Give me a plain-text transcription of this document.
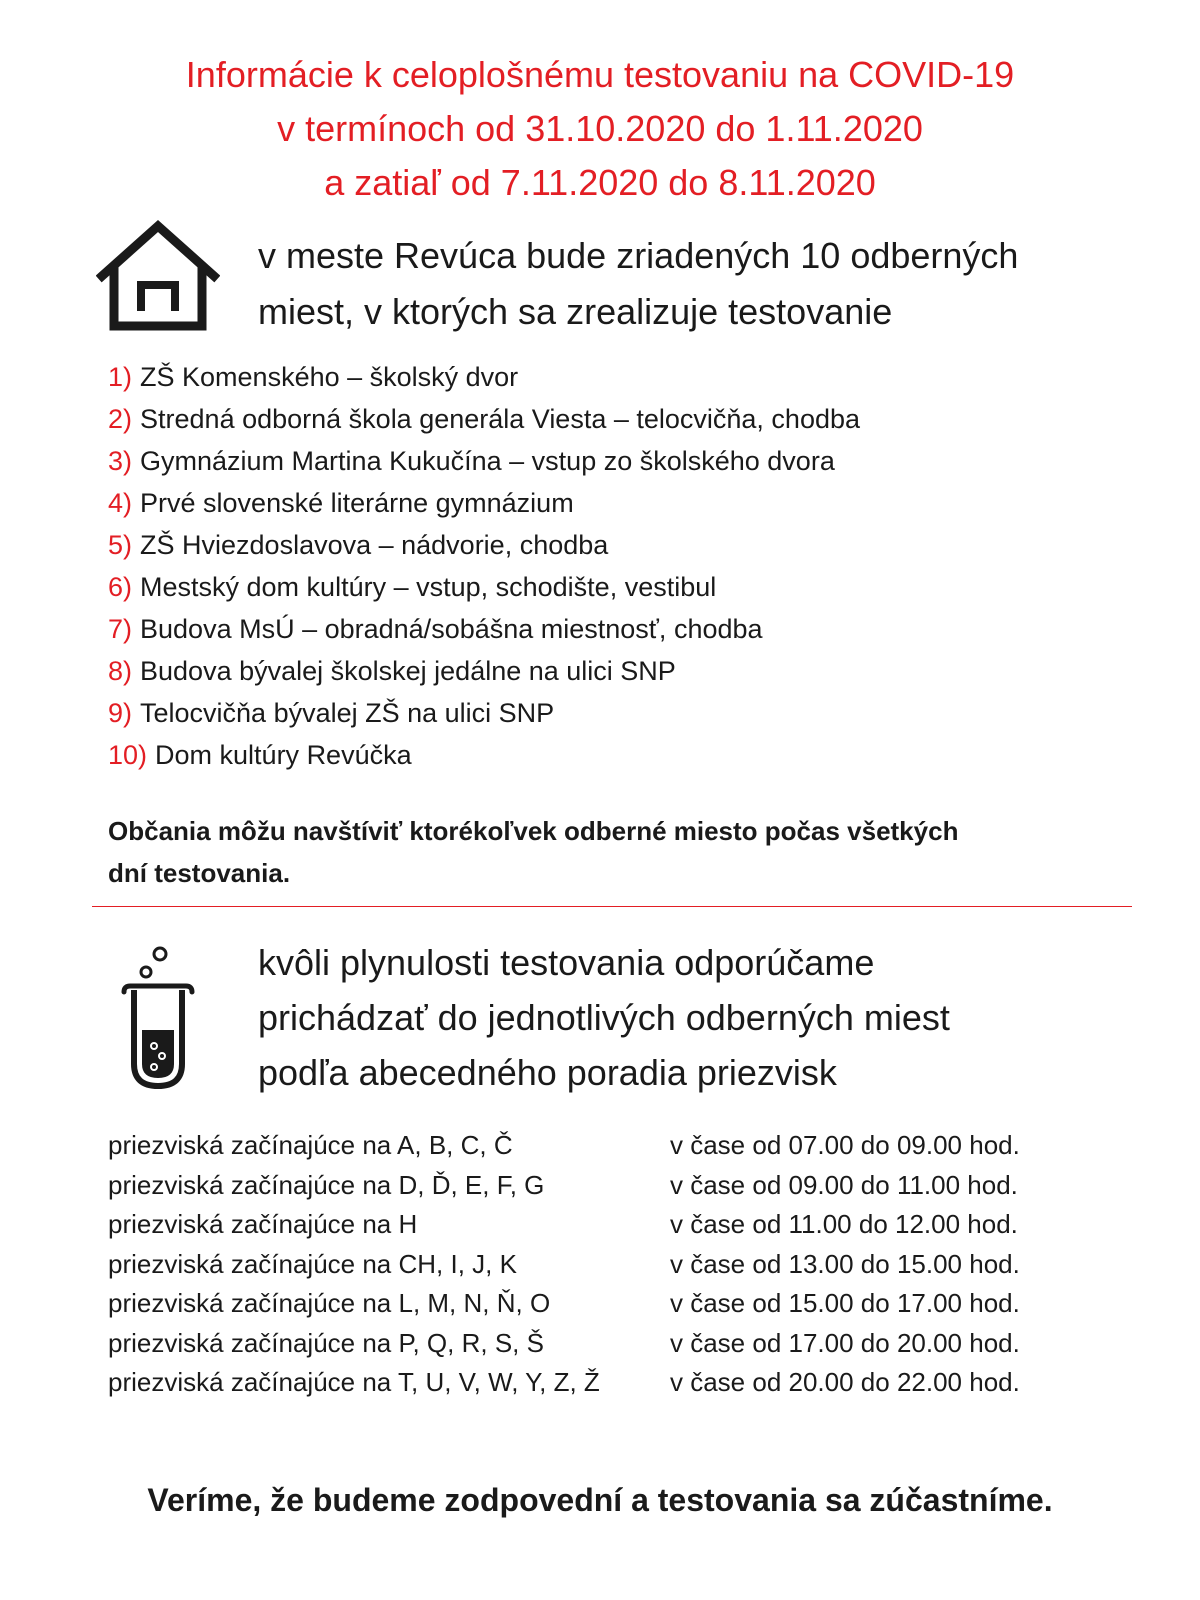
Informácie k celoplošnému testovaniu na COVID-19
v termínoch od 31.10.2020 do 1.11.2020
a zatiaľ od 7.11.2020 do 8.11.2020
v meste Revúca bude zriadených 10 odberných
miest, v ktorých sa zrealizuje testovanie
1) ZŠ Komenského – školský dvor
2) Stredná odborná škola generála Viesta – telocvičňa, chodba
3) Gymnázium Martina Kukučína – vstup zo školského dvora
4) Prvé slovenské literárne gymnázium
5) ZŠ Hviezdoslavova – nádvorie, chodba
6) Mestský dom kultúry – vstup, schodište, vestibul
7) Budova MsÚ – obradná/sobášna miestnosť, chodba
8) Budova bývalej školskej jedálne na ulici SNP
9) Telocvičňa bývalej ZŠ na ulici SNP
10) Dom kultúry Revúčka
Občania môžu navštíviť ktorékoľvek odberné miesto počas všetkých
dní testovania.
kvôli plynulosti testovania odporúčame
prichádzať do jednotlivých odberných miest
podľa abecedného poradia priezvisk
priezviská začínajúce na A, B, C, Č	v čase od 07.00 do 09.00 hod.
priezviská začínajúce na D, Ď, E, F, G	v čase od 09.00 do 11.00 hod.
priezviská začínajúce na H	v čase od 11.00 do 12.00 hod.
priezviská začínajúce na CH, I, J, K	v čase od 13.00 do 15.00 hod.
priezviská začínajúce na L, M, N, Ň, O	v čase od 15.00 do 17.00 hod.
priezviská začínajúce na P, Q, R, S, Š	v čase od 17.00 do 20.00 hod.
priezviská začínajúce na T, U, V, W, Y, Z, Ž	v čase od 20.00 do 22.00 hod.
Veríme, že budeme zodpovední a testovania sa zúčastníme.
